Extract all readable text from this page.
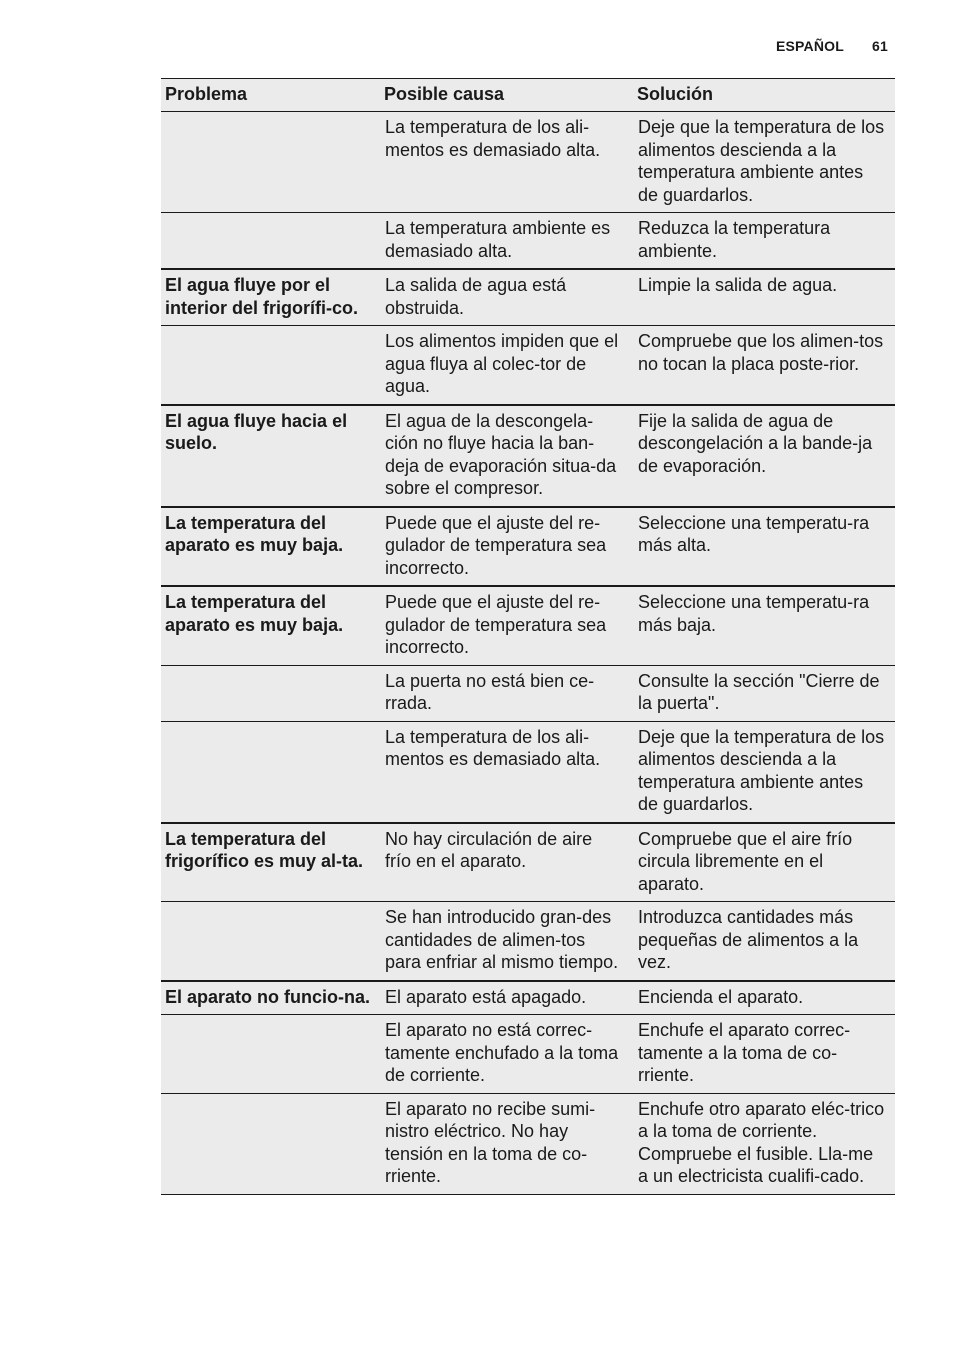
ESPAÑOL 61
Problema	Posible causa	Solución
	La temperatura de los ali-​mentos es demasiado alta.	Deje que la temperatura de los alimentos descienda a la temperatura ambiente antes de guardarlos.
	La temperatura ambiente es demasiado alta.	Reduzca la temperatura ambiente.
El agua fluye por el interior del frigorífi-​co.	La salida de agua está obstruida.	Limpie la salida de agua.
	Los alimentos impiden que el agua fluya al colec-​tor de agua.	Compruebe que los alimen-​tos no tocan la placa poste-​rior.
El agua fluye hacia el suelo.	El agua de la descongela-​ción no fluye hacia la ban-​deja de evaporación situa-​da sobre el compresor.	Fije la salida de agua de descongelación a la bande-​ja de evaporación.
La temperatura del aparato es muy baja.	Puede que el ajuste del re-​gulador de temperatura sea incorrecto.	Seleccione una temperatu-​ra más alta.
La temperatura del aparato es muy baja.	Puede que el ajuste del re-​gulador de temperatura sea incorrecto.	Seleccione una temperatu-​ra más baja.
	La puerta no está bien ce-​rrada.	Consulte la sección "Cierre de la puerta".
	La temperatura de los ali-​mentos es demasiado alta.	Deje que la temperatura de los alimentos descienda a la temperatura ambiente antes de guardarlos.
La temperatura del frigorífico es muy al-​ta.	No hay circulación de aire frío en el aparato.	Compruebe que el aire frío circula libremente en el aparato.
	Se han introducido gran-​des cantidades de alimen-​tos para enfriar al mismo tiempo.	Introduzca cantidades más pequeñas de alimentos a la vez.
El aparato no funcio-​na.	El aparato está apagado.	Encienda el aparato.
	El aparato no está correc-​tamente enchufado a la toma de corriente.	Enchufe el aparato correc-​tamente a la toma de co-​rriente.
	El aparato no recibe sumi-​nistro eléctrico. No hay tensión en la toma de co-​rriente.	Enchufe otro aparato eléc-​trico a la toma de corriente. Compruebe el fusible. Lla-​me a un electricista cualifi-​cado.
